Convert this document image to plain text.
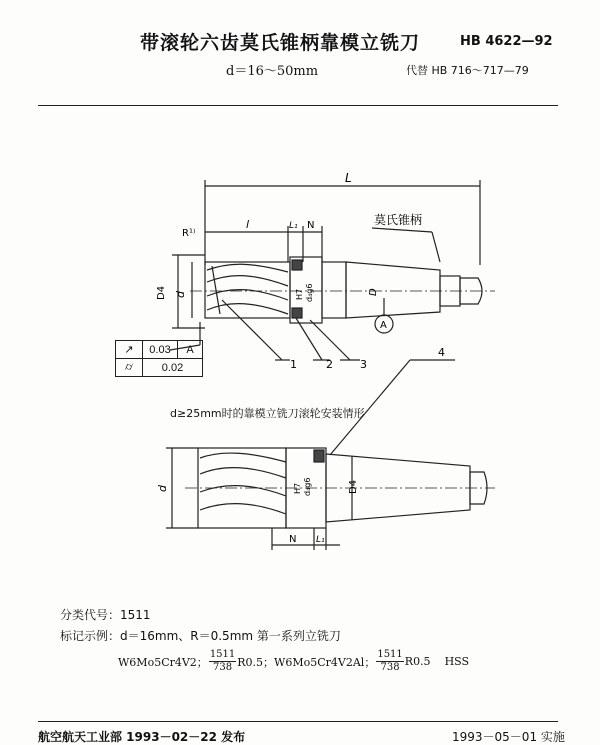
带滚轮六齿莫氏锥柄靠模立铣刀	HB 4622—92
d＝16～50mm	代替 HB 716～717—79
L
R¹⁾
l	L₁ N	莫氏锥柄
D4 d	D
H7 d₄g6
A
1	2 3
4
d	D4
H7 d₄g6
N L₁
↗	0.03	A
⌭	0.02	
d≥25mm时的靠模立铣刀滚轮安装情形
分类代号：1511
标记示例：d＝16mm、R＝0.5mm 第一系列立铣刀
W6Mo5Cr4V2； $\frac{1511}{738} R0.5$； W6Mo5Cr4V2Al； $\frac{1511}{738} R0.5$ HSS
航空航天工业部 1993－02－22 发布	1993－05－01 实施
